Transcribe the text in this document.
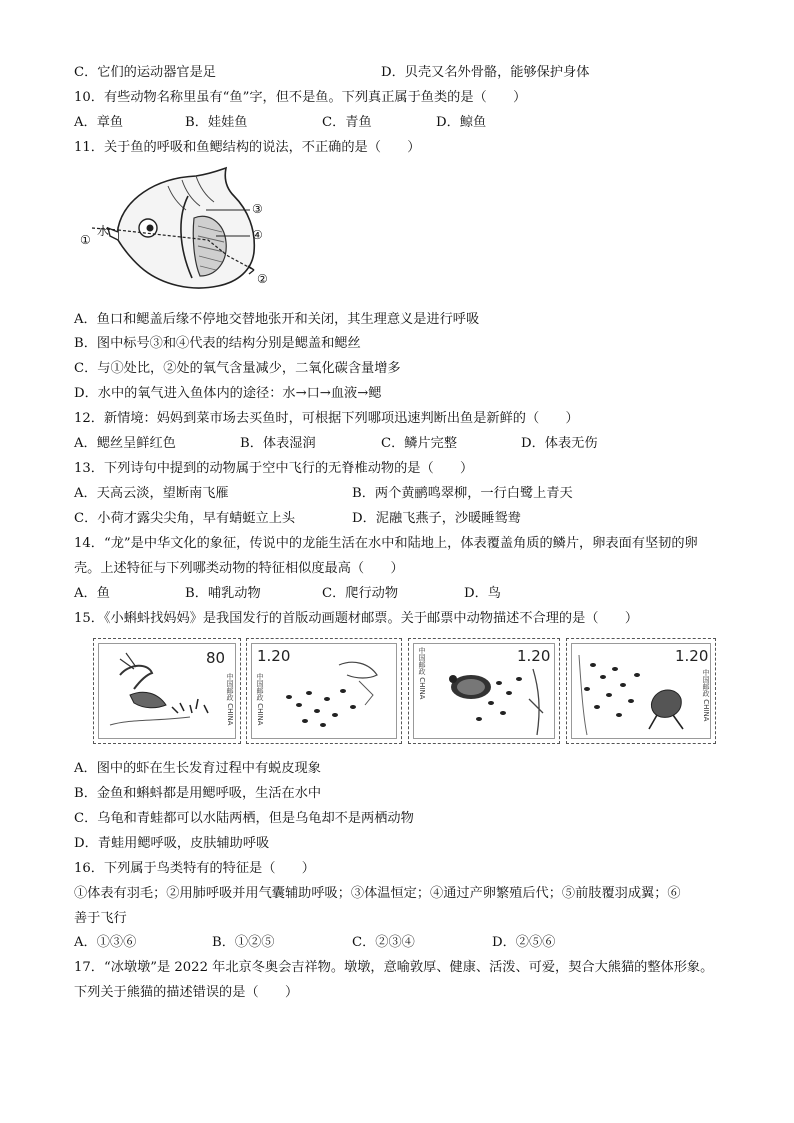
C．它们的运动器官是足	D．贝壳又名外骨骼，能够保护身体
10．有些动物名称里虽有“鱼”字，但不是鱼。下列真正属于鱼类的是（　　）
A．章鱼	B．娃娃鱼	C．青鱼	D．鲸鱼
11．关于鱼的呼吸和鱼鳃结构的说法，不正确的是（　　）
水
①
②
③
④
A．鱼口和鳃盖后缘不停地交替地张开和关闭，其生理意义是进行呼吸
B．图中标号③和④代表的结构分别是鳃盖和鳃丝
C．与①处比，②处的氧气含量减少，二氧化碳含量增多
D．水中的氧气进入鱼体内的途径：水→口→血液→鳃
12．新情境：妈妈到菜市场去买鱼时，可根据下列哪项迅速判断出鱼是新鲜的（　　）
A．鳃丝呈鲜红色	B．体表湿润	C．鳞片完整	D．体表无伤
13．下列诗句中提到的动物属于空中飞行的无脊椎动物的是（　　）
A．天高云淡，望断南飞雁	B．两个黄鹂鸣翠柳，一行白鹭上青天
C．小荷才露尖尖角，早有蜻蜓立上头	D．泥融飞燕子，沙暖睡鸳鸯
14．“龙”是中华文化的象征，传说中的龙能生活在水中和陆地上，体表覆盖角质的鳞片，卵表面有坚韧的卵
壳。上述特征与下列哪类动物的特征相似度最高（　　）
A．鱼	B．哺乳动物	C．爬行动物	D．鸟
15．《小蝌蚪找妈妈》是我国发行的首版动画题材邮票。关于邮票中动物描述不合理的是（　　）
80
中国邮政 CHINA
1.20
中国邮政 CHINA
1.20
中国邮政 CHINA	1.20
中国邮政 CHINA
A．图中的虾在生长发育过程中有蜕皮现象
B．金鱼和蝌蚪都是用鳃呼吸，生活在水中
C．乌龟和青蛙都可以水陆两栖，但是乌龟却不是两栖动物
D．青蛙用鳃呼吸，皮肤辅助呼吸
16．下列属于鸟类特有的特征是（　　）
①体表有羽毛；②用肺呼吸并用气囊辅助呼吸；③体温恒定；④通过产卵繁殖后代；⑤前肢覆羽成翼；⑥
善于飞行
A．①③⑥	B．①②⑤	C．②③④	D．②⑤⑥
17．“冰墩墩”是 2022 年北京冬奥会吉祥物。墩墩，意喻敦厚、健康、活泼、可爱，契合大熊猫的整体形象。
下列关于熊猫的描述错误的是（　　）
